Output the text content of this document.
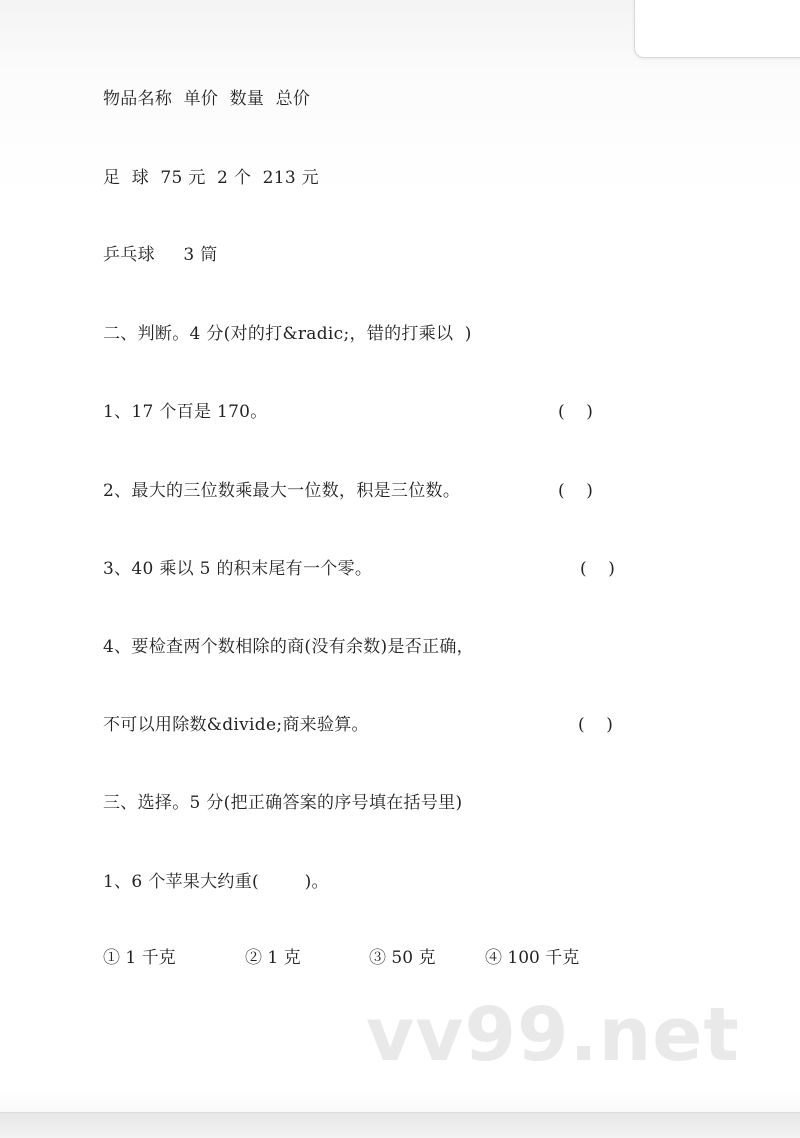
物品名称  单价  数量  总价
足  球  75 元  2 个  213 元
乒乓球     3 筒
二、判断。4 分(对的打&radic;，错的打乘以  )
1、17 个百是 170。	(    )
2、最大的三位数乘最大一位数，积是三位数。	(    )
3、40 乘以 5 的积末尾有一个零。	(    )
4、要检查两个数相除的商(没有余数)是否正确，
不可以用除数&divide;商来验算。	(    )
三、选择。5 分(把正确答案的序号填在括号里)
1、6 个苹果大约重(        )。
① 1 千克	② 1 克	③ 50 克	④ 100 千克
vv99.net
